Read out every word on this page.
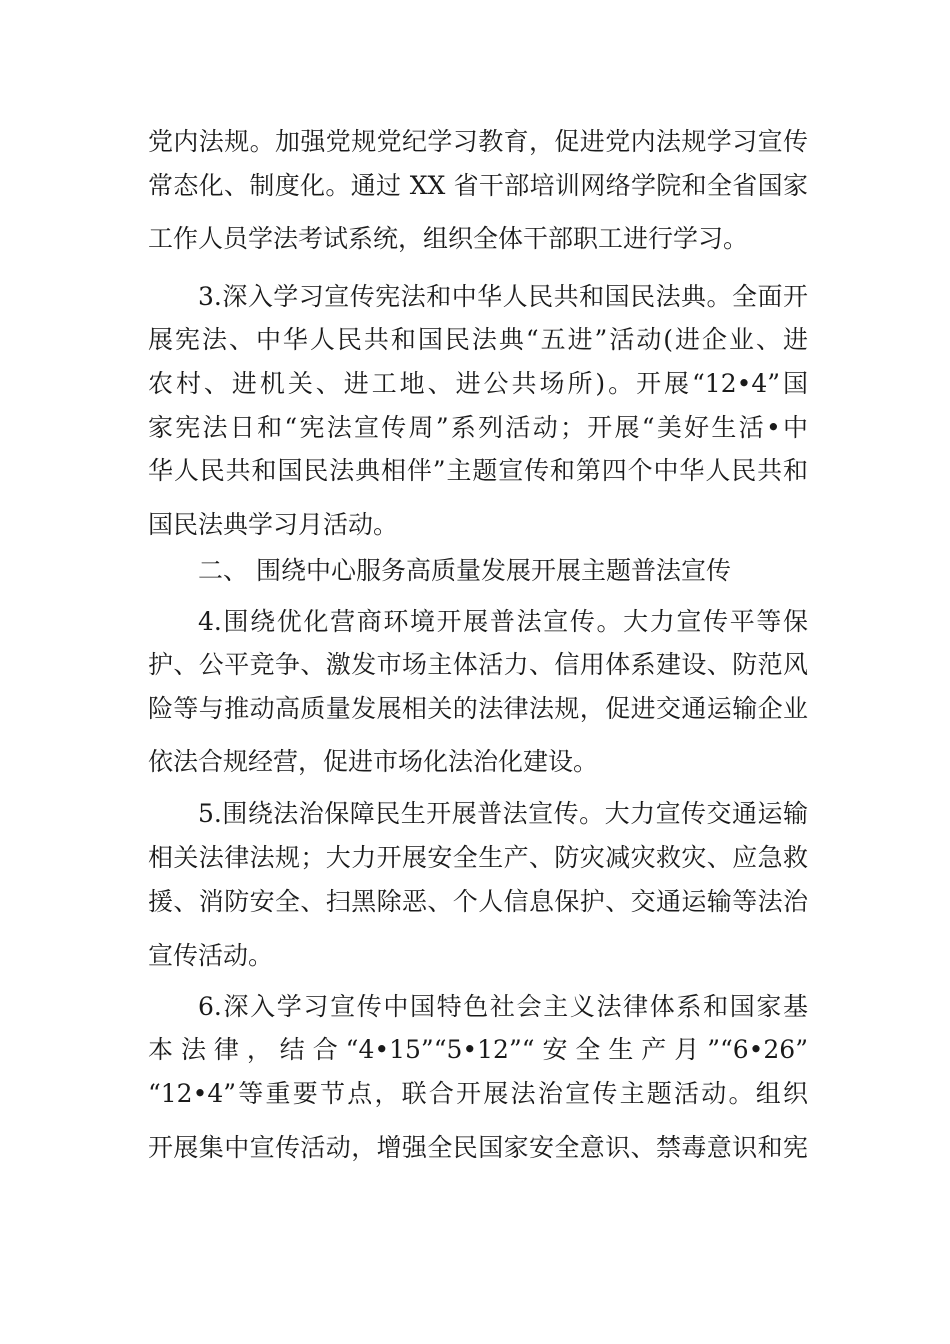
党内法规。加强党规党纪学习教育，促进党内法规学习宣传
常态化、制度化。通过 XX 省干部培训网络学院和全省国家
工作人员学法考试系统，组织全体干部职工进行学习。
3.深入学习宣传宪法和中华人民共和国民法典。全面开
展宪法、中华人民共和国民法典“五进”活动(进企业、进
农村、进机关、进工地、进公共场所)。开展“12•4”国
家宪法日和“宪法宣传周”系列活动；开展“美好生活•中
华人民共和国民法典相伴”主题宣传和第四个中华人民共和
国民法典学习月活动。
二、 围绕中心服务高质量发展开展主题普法宣传
4.围绕优化营商环境开展普法宣传。大力宣传平等保
护、公平竞争、激发市场主体活力、信用体系建设、防范风
险等与推动高质量发展相关的法律法规，促进交通运输企业
依法合规经营，促进市场化法治化建设。
5.围绕法治保障民生开展普法宣传。大力宣传交通运输
相关法律法规；大力开展安全生产、防灾减灾救灾、应急救
援、消防安全、扫黑除恶、个人信息保护、交通运输等法治
宣传活动。
6.深入学习宣传中国特色社会主义法律体系和国家基
本法律，结合“4•15”“5•12”“安全生产月”“6•26”
“12•4”等重要节点，联合开展法治宣传主题活动。组织
开展集中宣传活动，增强全民国家安全意识、禁毒意识和宪
